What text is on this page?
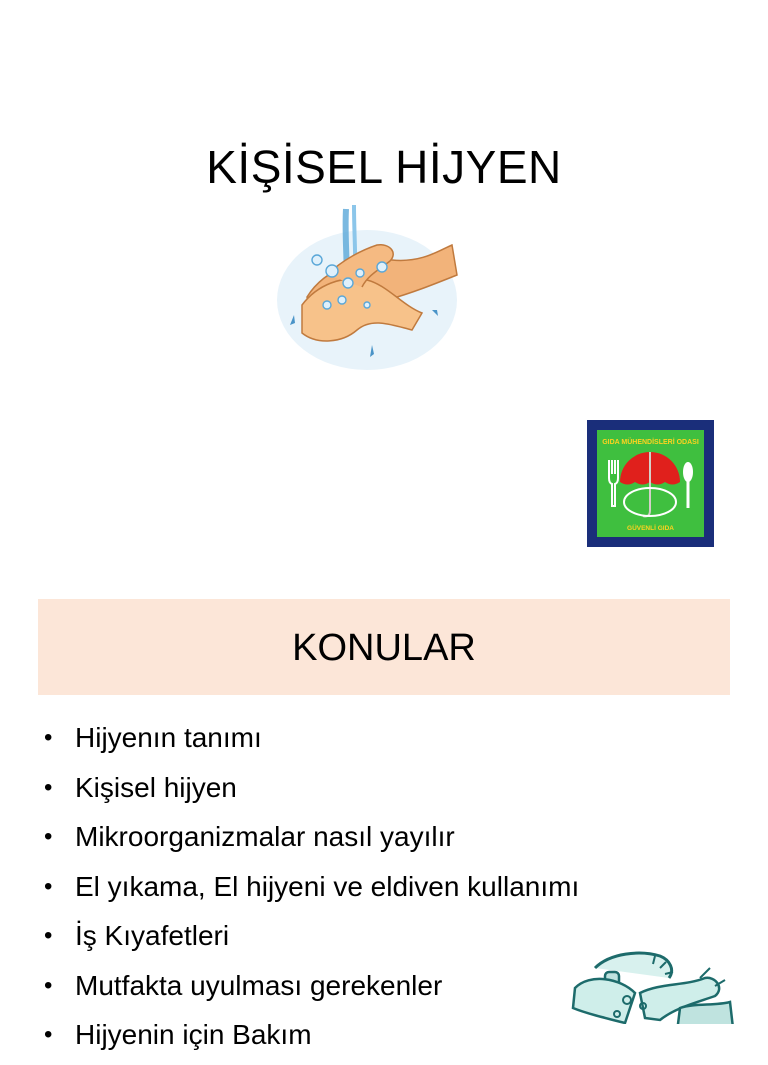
KİŞİSEL HİJYEN
GIDA MÜHENDİSLERİ ODASI
GÜVENLİ GIDA
KONULAR
• Hijyenın tanımı
• Kişisel hijyen
• Mikroorganizmalar nasıl yayılır
• El yıkama, El hijyeni ve eldiven kullanımı
• İş Kıyafetleri
• Mutfakta uyulması gerekenler
• Hijyenin için Bakım
